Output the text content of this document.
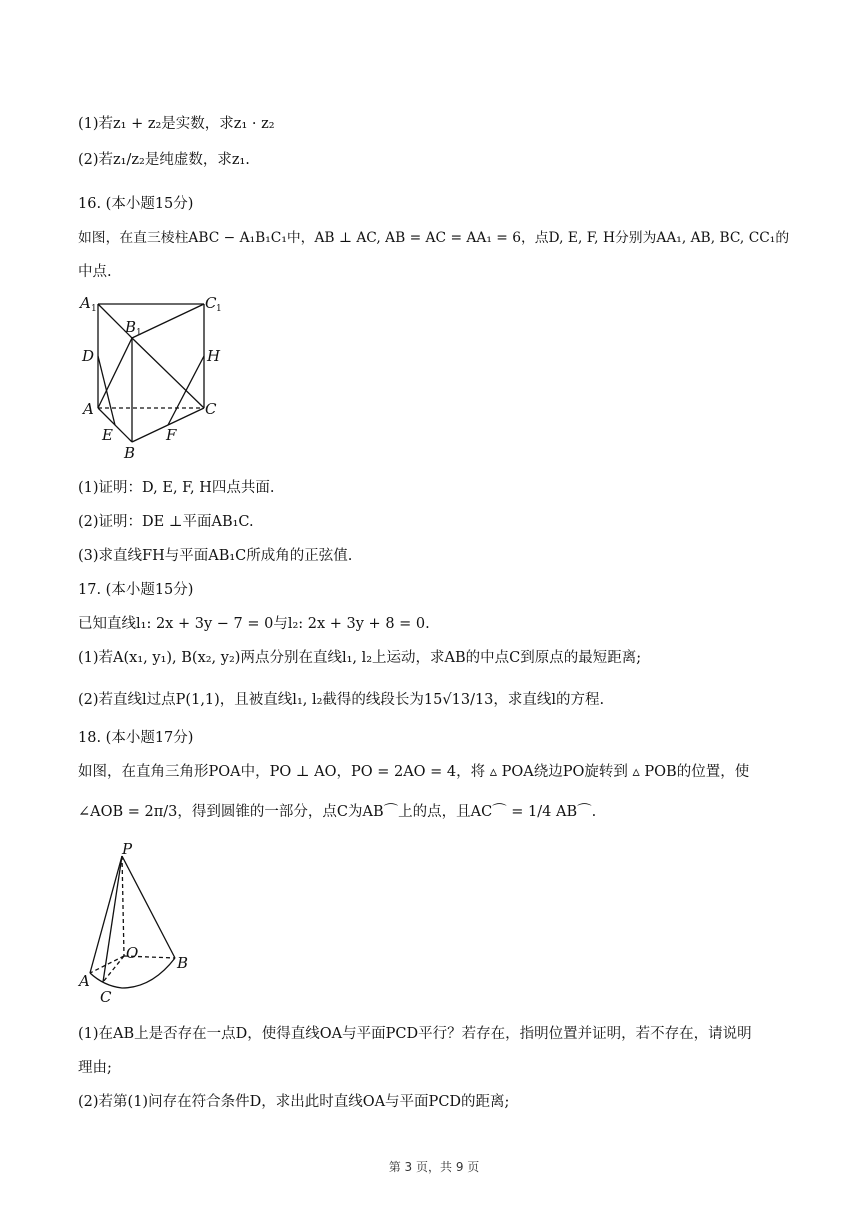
(1)若z₁ + z₂是实数，求z₁ · z₂
(2)若z₁/z₂是纯虚数，求z₁.
16. (本小题15分)
如图，在直三棱柱ABC − A₁B₁C₁中，AB ⊥ AC, AB = AC = AA₁ = 6，点D, E, F, H分别为AA₁, AB, BC, CC₁的
中点.
A 1	C 1
B 1
D	H
A	C
E	F
B
(1)证明：D, E, F, H四点共面.
(2)证明：DE ⊥平面AB₁C.
(3)求直线FH与平面AB₁C所成角的正弦值.
17. (本小题15分)
已知直线l₁: 2x + 3y − 7 = 0与l₂: 2x + 3y + 8 = 0.
(1)若A(x₁, y₁), B(x₂, y₂)两点分别在直线l₁, l₂上运动，求AB的中点C到原点的最短距离;
(2)若直线l过点P(1,1)，且被直线l₁, l₂截得的线段长为15√13/13，求直线l的方程.
18. (本小题17分)
如图，在直角三角形POA中，PO ⊥ AO，PO = 2AO = 4，将 ▵ POA绕边PO旋转到 ▵ POB的位置，使
∠AOB = 2π/3，得到圆锥的一部分，点C为AB⌒上的点，且AC⌒ = 1/4 AB⌒.
P
O
B
A
C
(1)在AB上是否存在一点D，使得直线OA与平面PCD平行？若存在，指明位置并证明，若不存在，请说明
理由;
(2)若第(1)问存在符合条件D，求出此时直线OA与平面PCD的距离;
第 3 页，共 9 页
